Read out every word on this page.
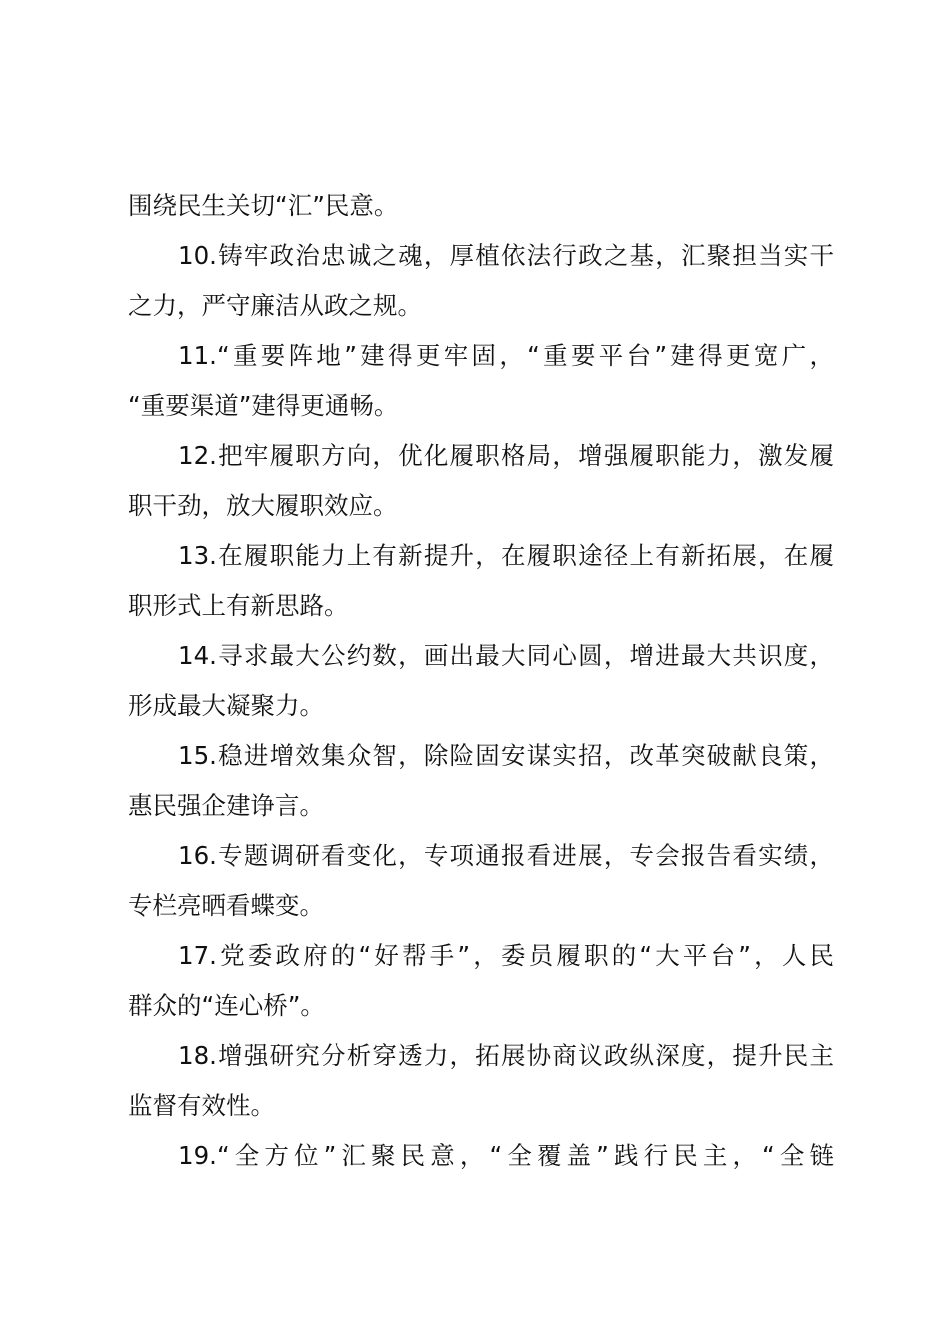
围绕民生关切“汇”民意。
10.铸牢政治忠诚之魂，厚植依法行政之基，汇聚担当实干
之力，严守廉洁从政之规。
11.“重要阵地”建得更牢固，“重要平台”建得更宽广，
“重要渠道”建得更通畅。
12.把牢履职方向，优化履职格局，增强履职能力，激发履
职干劲，放大履职效应。
13.在履职能力上有新提升，在履职途径上有新拓展，在履
职形式上有新思路。
14.寻求最大公约数，画出最大同心圆，增进最大共识度，
形成最大凝聚力。
15.稳进增效集众智，除险固安谋实招，改革突破献良策，
惠民强企建诤言。
16.专题调研看变化，专项通报看进展，专会报告看实绩，
专栏亮晒看蝶变。
17.党委政府的“好帮手”，委员履职的“大平台”，人民
群众的“连心桥”。
18.增强研究分析穿透力，拓展协商议政纵深度，提升民主
监督有效性。
19.“全方位”汇聚民意，“全覆盖”践行民主，“全链
